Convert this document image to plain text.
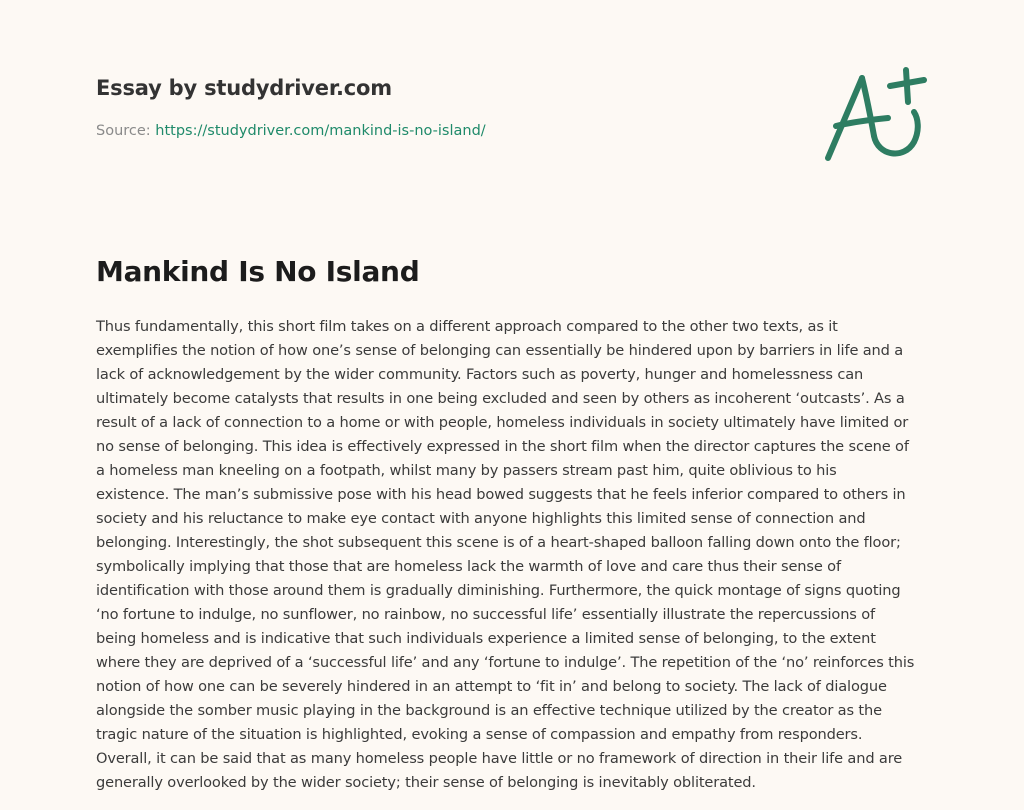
Essay by studydriver.com
Source: https://studydriver.com/mankind-is-no-island/
Mankind Is No Island
Thus fundamentally, this short film takes on a different approach compared to the other two texts, as it
exemplifies the notion of how one’s sense of belonging can essentially be hindered upon by barriers in life and a
lack of acknowledgement by the wider community. Factors such as poverty, hunger and homelessness can
ultimately become catalysts that results in one being excluded and seen by others as incoherent ‘outcasts’. As a
result of a lack of connection to a home or with people, homeless individuals in society ultimately have limited or
no sense of belonging. This idea is effectively expressed in the short film when the director captures the scene of
a homeless man kneeling on a footpath, whilst many by passers stream past him, quite oblivious to his
existence. The man’s submissive pose with his head bowed suggests that he feels inferior compared to others in
society and his reluctance to make eye contact with anyone highlights this limited sense of connection and
belonging. Interestingly, the shot subsequent this scene is of a heart-shaped balloon falling down onto the floor;
symbolically implying that those that are homeless lack the warmth of love and care thus their sense of
identification with those around them is gradually diminishing. Furthermore, the quick montage of signs quoting
‘no fortune to indulge, no sunflower, no rainbow, no successful life’ essentially illustrate the repercussions of
being homeless and is indicative that such individuals experience a limited sense of belonging, to the extent
where they are deprived of a ‘successful life’ and any ‘fortune to indulge’. The repetition of the ‘no’ reinforces this
notion of how one can be severely hindered in an attempt to ‘fit in’ and belong to society. The lack of dialogue
alongside the somber music playing in the background is an effective technique utilized by the creator as the
tragic nature of the situation is highlighted, evoking a sense of compassion and empathy from responders.
Overall, it can be said that as many homeless people have little or no framework of direction in their life and are
generally overlooked by the wider society; their sense of belonging is inevitably obliterated.
